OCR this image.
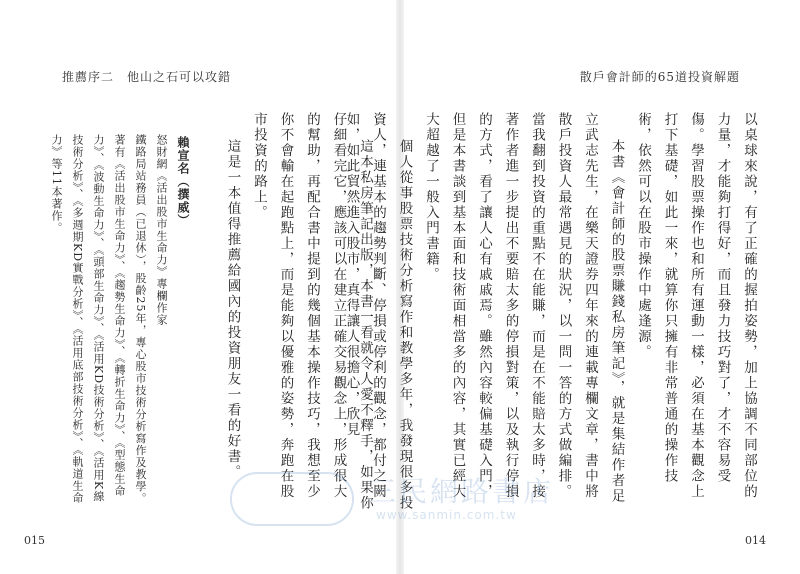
推薦序二　他山之石可以攻錯

這本私房筆記出版，本書一看就令人愛不釋手，如果你仔細看完它，應該可以在建立正確交易觀念上，形成很大的幫助，再配合書中提到的幾個基本操作技巧，我想至少你不會輸在起跑點上，而是能夠以優雅的姿勢，奔跑在股市投資的路上。

這是一本值得推薦給國內的投資朋友一看的好書。

賴宣名（撰威）

怒財網《活出股市生命力》專欄作家

鐵路局站務員（已退休），股齡25年，專心股市技術分析寫作及教學。

著有《活出股市生命力》、《趨勢生命力》、《轉折生命力》、《型態生命力》、《波動生命力》、《頭部生命力》、《活用KD技術分析》、《活用K線技術分析》、《多週期KD實戰分析》、《活用底部技術分析》、《軌道生命力》等11本著作。

015
散戶會計師的65道投資解題

以桌球來說，有了正確的握拍姿勢，加上協調不同部位的力量，才能夠打得好，而且發力技巧對了，才不容易受傷。學習股票操作也和所有運動一樣，必須在基本觀念上打下基礎，如此一來，就算你只擁有非常普通的操作技術，依然可以在股市操作中處逢源。

本書《會計師的股票賺錢私房筆記》，就是集結作者足立武志先生，在樂天證券四年來的連載專欄文章，書中將散戶投資人最常遇見的狀況，以一問一答的方式做編排。當我翻到投資的重點不在能賺，而是在不能賠太多時，接著作者進一步提出不要賠太多的停損對策，以及執行停損的方式，看了讓人心有戚戚焉。雖然內容較偏基礎入門，但是本書談到基本面和技術面相當多的內容，其實已經大大超越了一般入門書籍。

個人從事股票技術分析寫作和教學多年，我發現很多投資人，連基本的趨勢判斷、停損或停利的觀念，都付之闕如，如此貿然進入股市，真得讓人很擔心，欣見

014
三民網路書店
www.sanmin.com.tw
